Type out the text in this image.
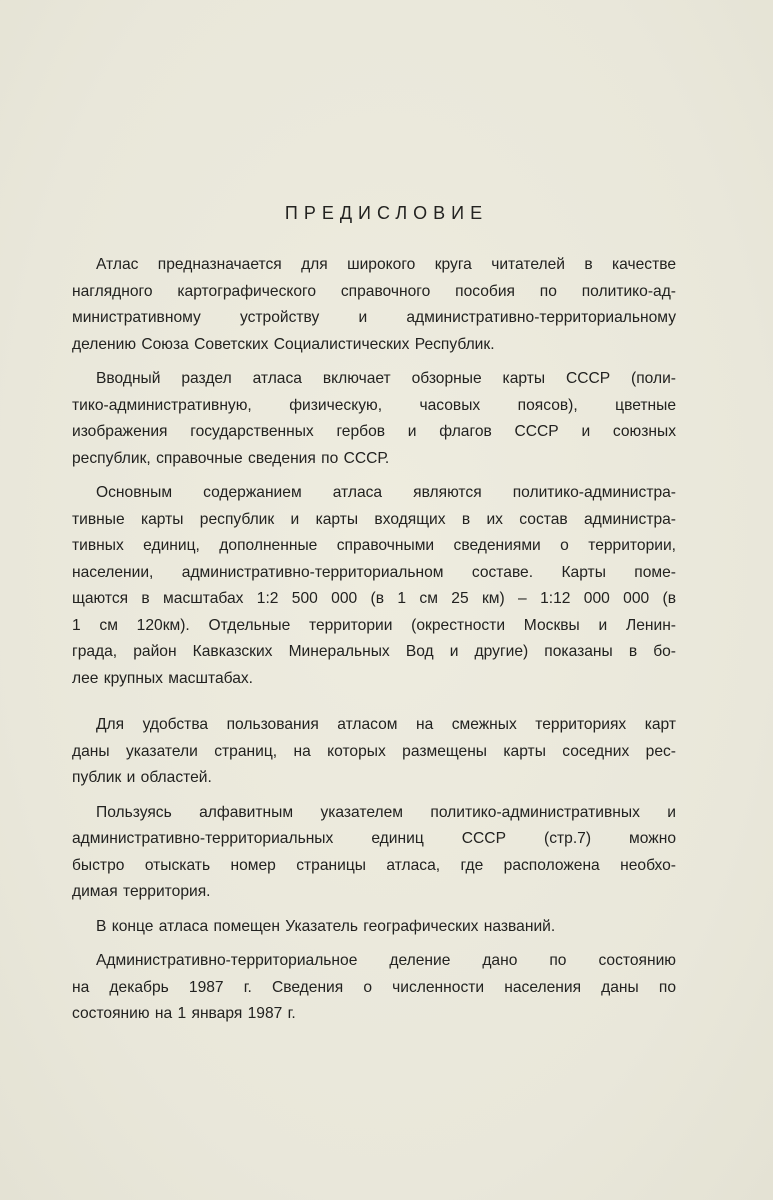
ПРЕДИСЛОВИЕ

Атлас предназначается для широкого круга читателей в качестве
наглядного картографического справочного пособия по политико-ад-
министративному устройству и административно-территориальному
делению Союза Советских Социалистических Республик.

Вводный раздел атласа включает обзорные карты СССР (поли-
тико-административную, физическую, часовых поясов), цветные
изображения государственных гербов и флагов СССР и союзных
республик, справочные сведения по СССР.

Основным содержанием атласа являются политико-администра-
тивные карты республик и карты входящих в их состав администра-
тивных единиц, дополненные справочными сведениями о территории,
населении, административно-территориальном составе. Карты поме-
щаются в масштабах 1:2 500 000 (в 1 см 25 км) – 1:12 000 000 (в
1 см 120км). Отдельные территории (окрестности Москвы и Ленин-
града, район Кавказских Минеральных Вод и другие) показаны в бо-
лее крупных масштабах.

Для удобства пользования атласом на смежных территориях карт
даны указатели страниц, на которых размещены карты соседних рес-
публик и областей.

Пользуясь алфавитным указателем политико-административных и
административно-территориальных единиц СССР (стр.7) можно
быстро отыскать номер страницы атласа, где расположена необхо-
димая территория.

В конце атласа помещен Указатель географических названий.

Административно-территориальное деление дано по состоянию
на декабрь 1987 г. Сведения о численности населения даны по
состоянию на 1 января 1987 г.
